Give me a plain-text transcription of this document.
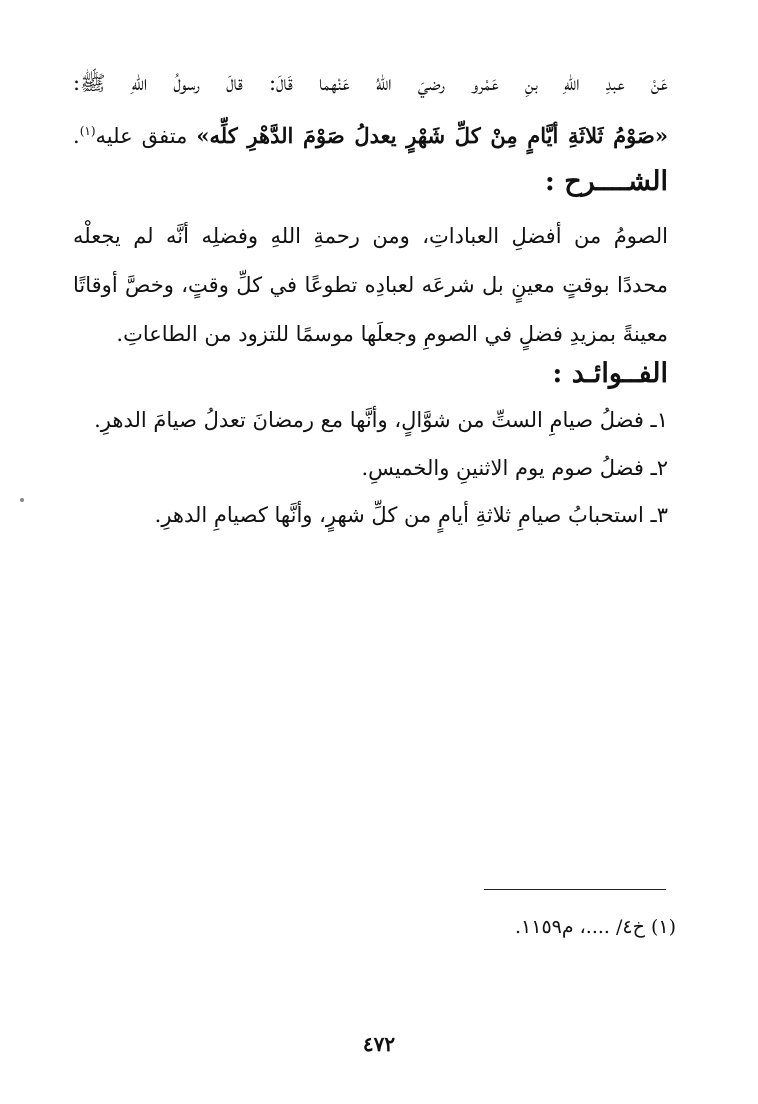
عَنْ عبدِ اللهِ بنِ عَمْرو رضيَ اللهُ عَنْهما قَالَ: قالَ رسولُ اللهِ ﷺ:
«صَوْمُ ثَلاثَةِ أيَّامٍ مِنْ كلِّ شَهْرٍ يعدلُ صَوْمَ الدَّهْرِ كلِّه» متفق عليه$^{(١)}$.
الشــــرح :
الصومُ من أفضلِ العباداتِ، ومن رحمةِ اللهِ وفضلِه أنَّه لم يجعلْه
محددًا بوقتٍ معينٍ بل شرعَه لعبادِه تطوعًا في كلِّ وقتٍ، وخصَّ أوقاتًا
معينةً بمزيدِ فضلٍ في الصومِ وجعلَها موسمًا للتزود من الطاعاتِ.
الفــوائـد :
١ـ فضلُ صيامِ الستِّ من شوَّالٍ، وأنَّها مع رمضانَ تعدلُ صيامَ الدهرِ.
٢ـ فضلُ صوم يوم الاثنينِ والخميسِ.
٣ـ استحبابُ صيامِ ثلاثةِ أيامٍ من كلِّ شهرٍ، وأنَّها كصيامِ الدهرِ.
(١) خ٤/ ....، م١١٥٩.
٤٧٢
